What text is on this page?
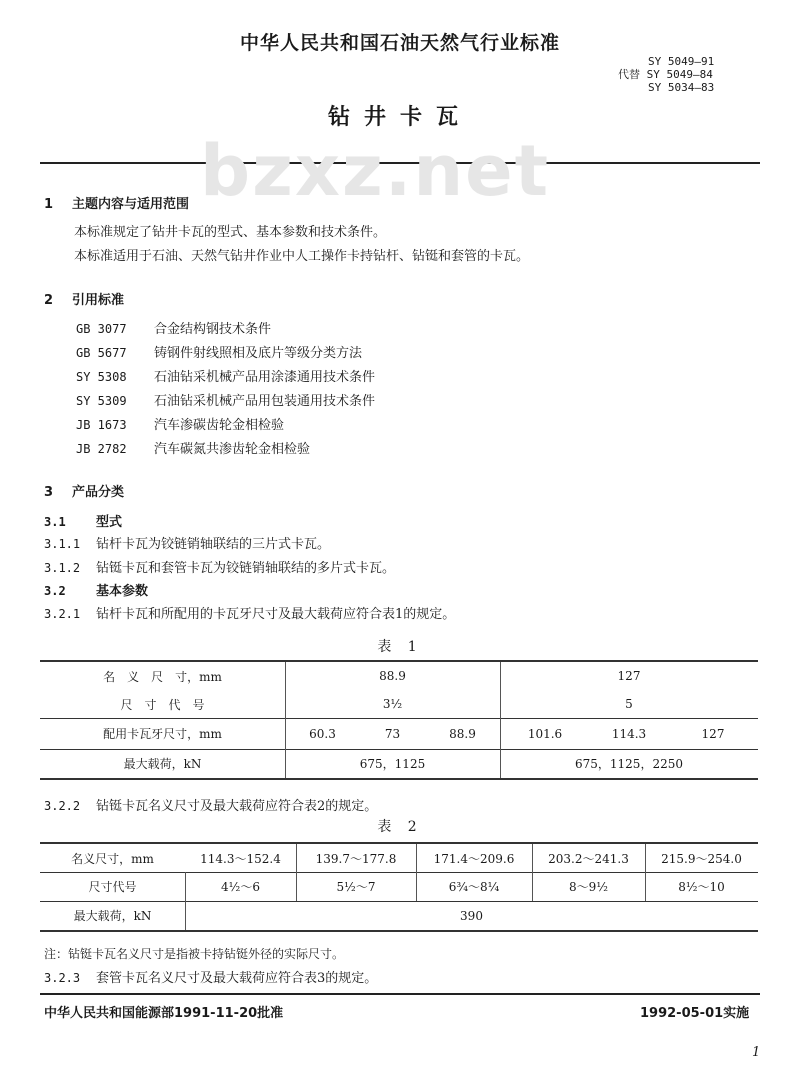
中华人民共和国石油天然气行业标准
SY 5049—91
代替 SY 5049—84
SY 5034—83
钻井卡瓦
bzxz.net
1 主题内容与适用范围
本标准规定了钻井卡瓦的型式、基本参数和技术条件。
本标准适用于石油、天然气钻井作业中人工操作卡持钻杆、钻铤和套管的卡瓦。
2 引用标准
GB 3077 合金结构钢技术条件
GB 5677 铸钢件射线照相及底片等级分类方法
SY 5308 石油钻采机械产品用涂漆通用技术条件
SY 5309 石油钻采机械产品用包装通用技术条件
JB 1673 汽车渗碳齿轮金相检验
JB 2782 汽车碳氮共渗齿轮金相检验
3 产品分类
3.1 型式
3.1.1 钻杆卡瓦为铰链销轴联结的三片式卡瓦。
3.1.2 钻铤卡瓦和套管卡瓦为铰链销轴联结的多片式卡瓦。
3.2 基本参数
3.2.1 钻杆卡瓦和所配用的卡瓦牙尺寸及最大载荷应符合表1的规定。
表 1
名　义　尺　寸，mm	88.9	127
尺　寸　代　号	3½	5
配用卡瓦牙尺寸，mm	60.3 73 88.9	101.6 114.3 127
最大载荷，kN	675，1125	675，1125，2250
3.2.2 钻铤卡瓦名义尺寸及最大载荷应符合表2的规定。
表 2
名义尺寸，mm	114.3～152.4	139.7～177.8	171.4～209.6	203.2～241.3	215.9～254.0
尺寸代号	4½～6	5½～7	6¾～8¼	8～9½	8½～10
最大载荷，kN	390				
注：钻铤卡瓦名义尺寸是指被卡持钻铤外径的实际尺寸。
3.2.3 套管卡瓦名义尺寸及最大载荷应符合表3的规定。
中华人民共和国能源部1991-11-20批准	1992-05-01实施
1
